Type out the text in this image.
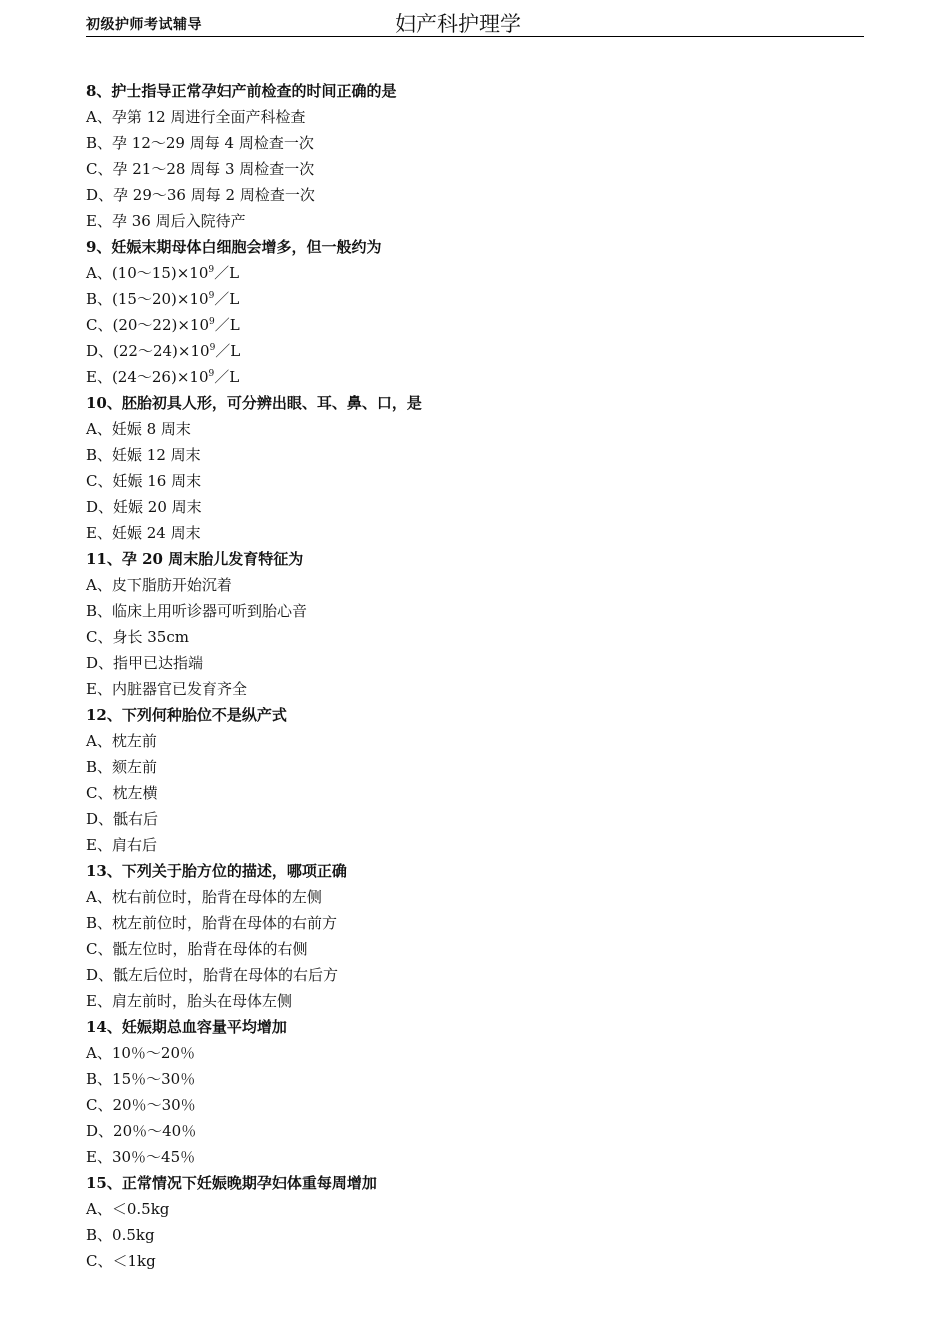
初级护师考试辅导	妇产科护理学
8、护士指导正常孕妇产前检查的时间正确的是
A、孕第 12 周进行全面产科检查
B、孕 12～29 周每 4 周检查一次
C、孕 21～28 周每 3 周检查一次
D、孕 29～36 周每 2 周检查一次
E、孕 36 周后入院待产
9、妊娠末期母体白细胞会增多，但一般约为
A、$(10\sim 15)\times 10^9/L$
B、$(15\sim 20)\times 10^9/L$
C、$(20\sim 22)\times 10^9/L$
D、$(22\sim 24)\times 10^9/L$
E、$(24\sim 26)\times 10^9/L$
10、胚胎初具人形，可分辨出眼、耳、鼻、口，是
A、妊娠 8 周末
B、妊娠 12 周末
C、妊娠 16 周末
D、妊娠 20 周末
E、妊娠 24 周末
11、孕 20 周末胎儿发育特征为
A、皮下脂肪开始沉着
B、临床上用听诊器可听到胎心音
C、身长 35cm
D、指甲已达指端
E、内脏器官已发育齐全
12、下列何种胎位不是纵产式
A、枕左前
B、颏左前
C、枕左横
D、骶右后
E、肩右后
13、下列关于胎方位的描述，哪项正确
A、枕右前位时，胎背在母体的左侧
B、枕左前位时，胎背在母体的右前方
C、骶左位时，胎背在母体的右侧
D、骶左后位时，胎背在母体的右后方
E、肩左前时，胎头在母体左侧
14、妊娠期总血容量平均增加
A、10％～20％
B、15％～30％
C、20％～30％
D、20％～40％
E、30％～45％
15、正常情况下妊娠晚期孕妇体重每周增加
A、＜0.5kg
B、0.5kg
C、＜1kg
